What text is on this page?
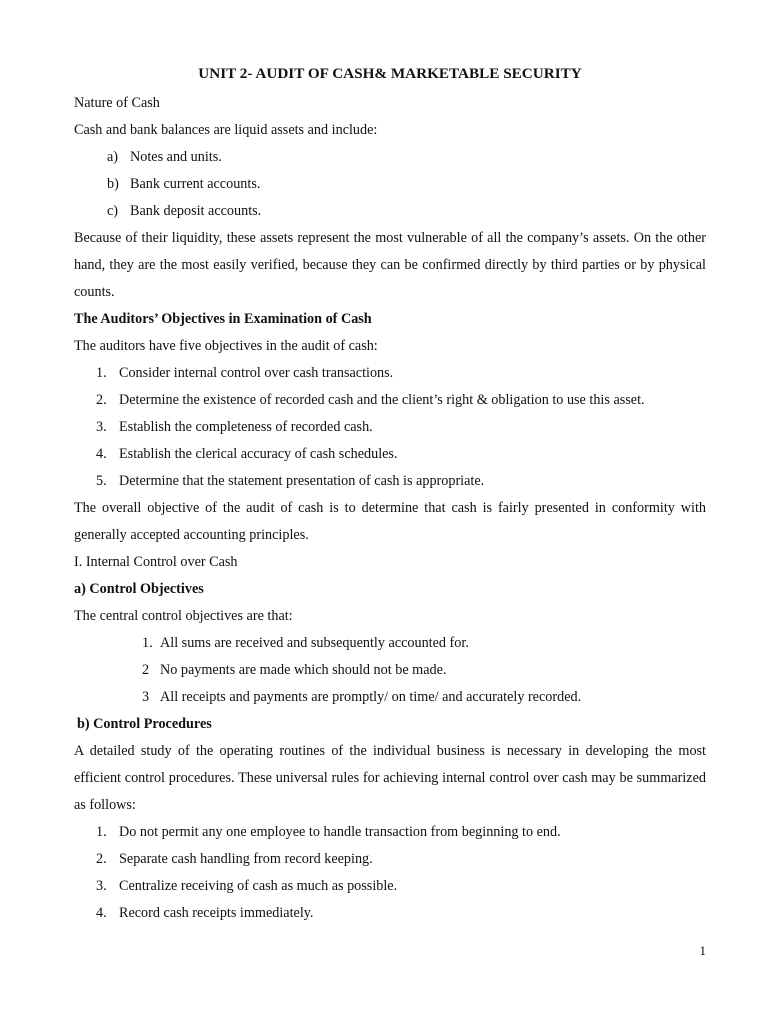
UNIT 2- AUDIT OF CASH& MARKETABLE SECURITY

Nature of Cash

Cash and bank balances are liquid assets and include:

a) Notes and units.
b) Bank current accounts.
c) Bank deposit accounts.

Because of their liquidity, these assets represent the most vulnerable of all the company’s assets. On the other hand, they are the most easily verified, because they can be confirmed directly by third parties or by physical counts.

The Auditors’ Objectives in Examination of Cash

The auditors have five objectives in the audit of cash:

1. Consider internal control over cash transactions.
2. Determine the existence of recorded cash and the client’s right & obligation to use this asset.
3. Establish the completeness of recorded cash.
4. Establish the clerical accuracy of cash schedules.
5. Determine that the statement presentation of cash is appropriate.

The overall objective of the audit of cash is to determine that cash is fairly presented in conformity with generally accepted accounting principles.

I. Internal Control over Cash

a) Control Objectives

The central control objectives are that:

1. All sums are received and subsequently accounted for.
2 No payments are made which should not be made.
3 All receipts and payments are promptly/ on time/ and accurately recorded.

b) Control Procedures

A detailed study of the operating routines of the individual business is necessary in developing the most efficient control procedures. These universal rules for achieving internal control over cash may be summarized as follows:

1. Do not permit any one employee to handle transaction from beginning to end.
2. Separate cash handling from record keeping.
3. Centralize receiving of cash as much as possible.
4. Record cash receipts immediately.
1
